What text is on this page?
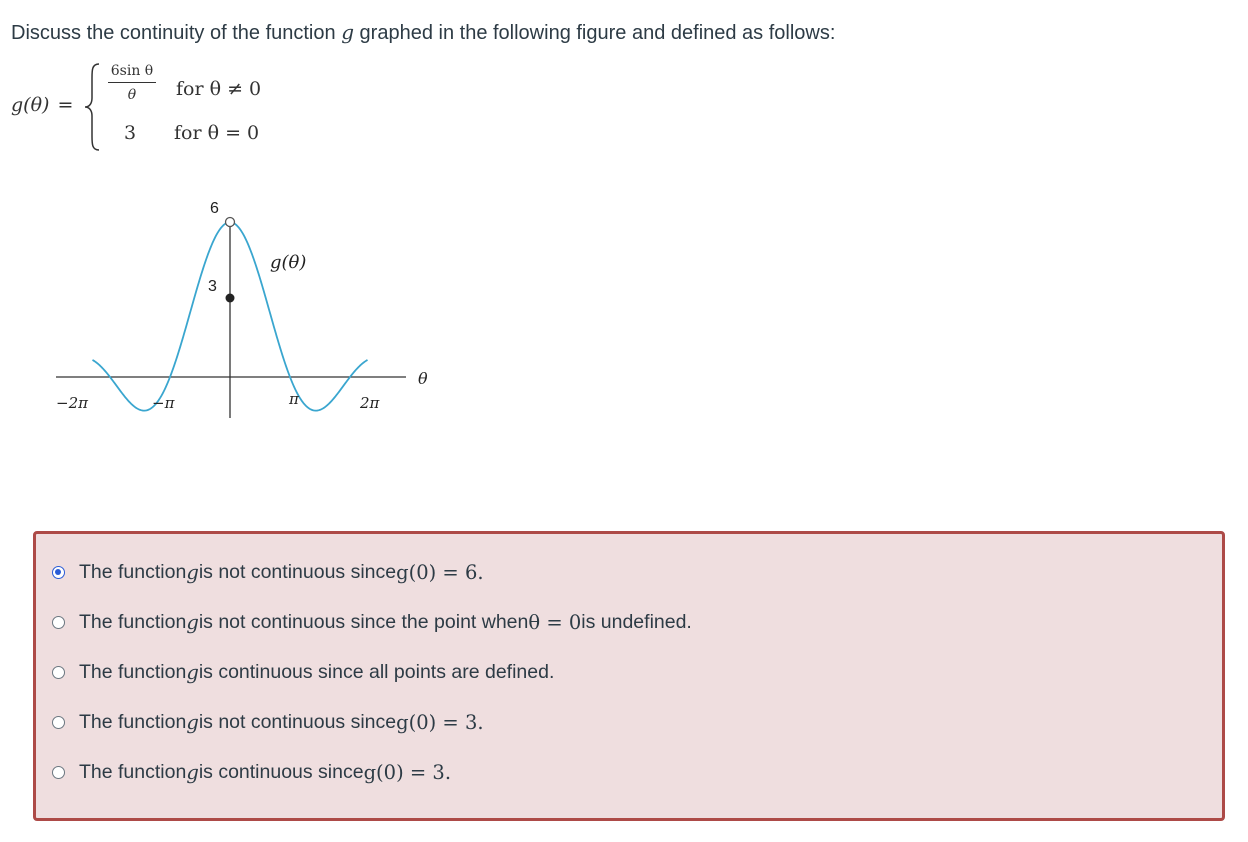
Discuss the continuity of the function g graphed in the following figure and defined as follows:
g(θ) =
$\frac{\text{6sin θ}}{\theta}$ for θ ≠ 0
3 for θ = 0
6
3
g(θ)
θ
−2π	−π	π	2π
The function g is not continuous since g(0) = 6.
The function g is not continuous since the point when θ = 0 is undefined.
The function g is continuous since all points are defined.
The function g is not continuous since g(0) = 3.
The function g is continuous since g(0) = 3.
